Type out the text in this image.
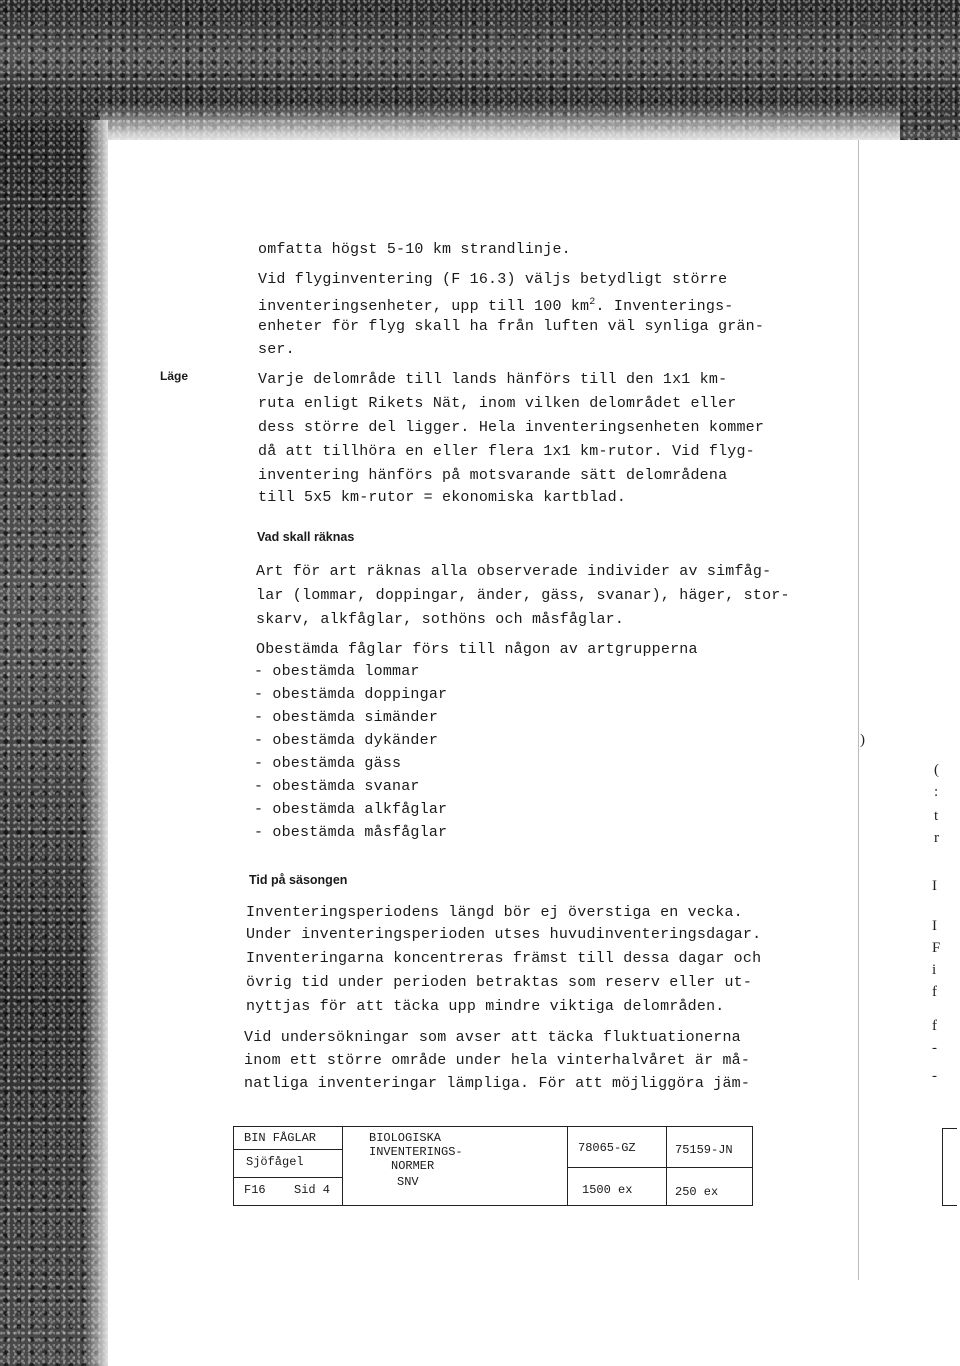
omfatta högst 5-10 km strandlinje.
Vid flyginventering (F 16.3) väljs betydligt större
inventeringsenheter, upp till 100 $km^2$. Inventerings-
enheter för flyg skall ha från luften väl synliga grän-
ser.
Läge	Varje delområde till lands hänförs till den 1x1 km-
ruta enligt Rikets Nät, inom vilken delområdet eller
dess större del ligger. Hela inventeringsenheten kommer
då att tillhöra en eller flera 1x1 km-rutor. Vid flyg-
inventering hänförs på motsvarande sätt delområdena
till 5x5 km-rutor = ekonomiska kartblad.
Vad skall räknas
Art för art räknas alla observerade individer av simfåg-
lar (lommar, doppingar, änder, gäss, svanar), häger, stor-
skarv, alkfåglar, sothöns och måsfåglar.
Obestämda fåglar förs till någon av artgrupperna
- obestämda lommar
- obestämda doppingar
- obestämda simänder
- obestämda dykänder
- obestämda gäss
- obestämda svanar
- obestämda alkfåglar
- obestämda måsfåglar
Tid på säsongen
Inventeringsperiodens längd bör ej överstiga en vecka.
Under inventeringsperioden utses huvudinventeringsdagar.
Inventeringarna koncentreras främst till dessa dagar och
övrig tid under perioden betraktas som reserv eller ut-
nyttjas för att täcka upp mindre viktiga delområden.
Vid undersökningar som avser att täcka fluktuationerna
inom ett större område under hela vinterhalvåret är må-
natliga inventeringar lämpliga. För att möjliggöra jäm-
)
(
:
t
r
I
I
F
i
f
f
-
-
BIN FÅGLAR
Sjöfågel
F16 Sid 4
BIOLOGISKA
INVENTERINGS-
NORMER
SNV
78065-GZ
1500 ex
75159-JN
250 ex
